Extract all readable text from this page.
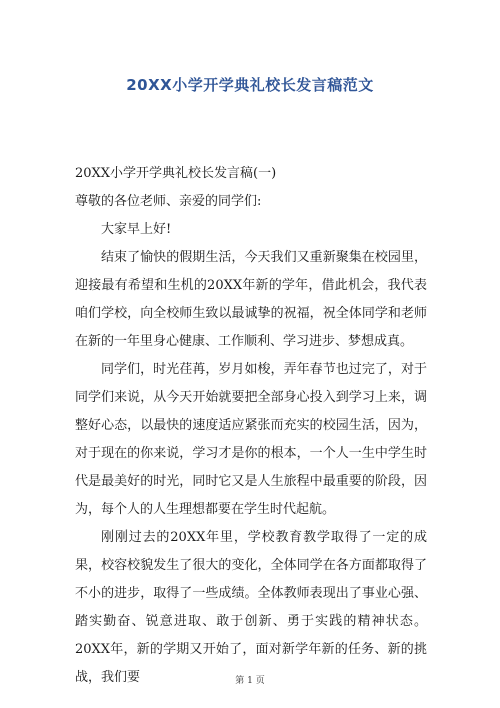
20XX小学开学典礼校长发言稿范文

20XX小学开学典礼校长发言稿(一)

尊敬的各位老师、亲爱的同学们:

大家早上好!

结束了愉快的假期生活，今天我们又重新聚集在校园里，迎接最有希望和生机的20XX年新的学年，借此机会，我代表咱们学校，向全校师生致以最诚挚的祝福，祝全体同学和老师在新的一年里身心健康、工作顺利、学习进步、梦想成真。

同学们，时光荏苒，岁月如梭，弄年春节也过完了，对于同学们来说，从今天开始就要把全部身心投入到学习上来，调整好心态，以最快的速度适应紧张而充实的校园生活，因为，对于现在的你来说，学习才是你的根本，一个人一生中学生时代是最美好的时光，同时它又是人生旅程中最重要的阶段，因为，每个人的人生理想都要在学生时代起航。

刚刚过去的20XX年里，学校教育教学取得了一定的成果，校容校貌发生了很大的变化，全体同学在各方面都取得了不小的进步，取得了一些成绩。全体教师表现出了事业心强、踏实勤奋、锐意进取、敢于创新、勇于实践的精神状态。20XX年，新的学期又开始了，面对新学年新的任务、新的挑战，我们要	第 1 页
